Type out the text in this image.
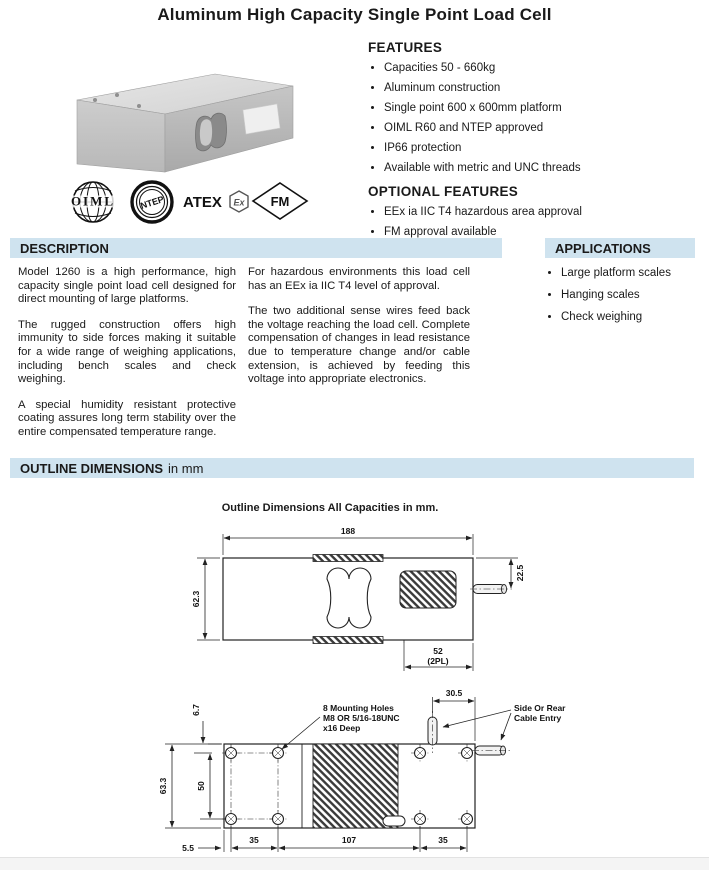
Aluminum High Capacity Single Point Load Cell
OIML	NTEP ATEX Ex FM
FEATURES
• Capacities 50 - 660kg
• Aluminum construction
• Single point 600 x 600mm platform
• OIML R60 and NTEP approved
• IP66 protection
• Available with metric and UNC threads
OPTIONAL FEATURES
• EEx ia IIC T4 hazardous area approval
• FM approval available
DESCRIPTION	APPLICATIONS

Model 1260 is a high performance, high capacity single point load cell designed for direct mounting of large platforms.

The rugged construction offers high immunity to side forces making it suitable for a wide range of weighing applications, including bench scales and check weighing.

A special humidity resistant protective coating assures long term stability over the entire compensated temperature range.

For hazardous environments this load cell has an EEx ia IIC T4 level of approval.

The two additional sense wires feed back the voltage reaching the load cell. Complete compensation of changes in lead resistance due to temperature change and/or cable extension, is achieved by feeding this voltage into appropriate electronics.

• Large platform scales
• Hanging scales
• Check weighing
OUTLINE DIMENSIONS in mm
Outline Dimensions All Capacities in mm.
188
62.3
22.5
52
(2PL)
30.5
6.7
63.3	50
5.5
35	107	35
8 Mounting Holes
M8 OR 5/16-18UNC
x16 Deep
Side Or Rear
Cable Entry
